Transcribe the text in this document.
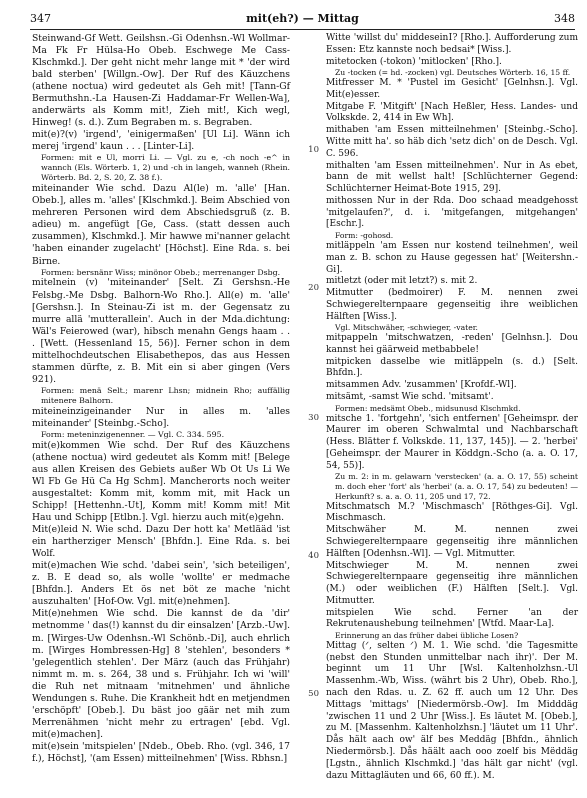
347	mit(eh?) — Mittag	348

Steinwand-Gf Wett. Geilshsn.-Gi Odenhsn.-Wl Wollmar-Ma Fk Fr Hülsa-Ho Obeb. Eschwege Me Cass-Klschmkd.]. Der geht nicht mehr lange mit * 'der wird bald sterben' [Willgn.-Ow]. Der Ruf des Käuzchens (athene noctua) wird gedeutet als Geh mit! [Tann-Gf Bermuthshn.-La Hausen-Zi Haddamar-Fr Wellen-Wa], anderwärts als Komm mit!, Zieh mit!, Kich wegl, Hinweg! (s. d.). Zum Begraben m. s. Begraben.

mit(e)?(v) 'irgend', 'einigermaßen' [Ul Li]. Wänn ich merej 'irgend' kaun . . . [Linter-Li].

Formen: mit e Ul, morri Li. — Vgl. zu e, -ch noch -e^ in wannch (Els. Wörterb. 1, 2) und -ch in langeh, wanneh (Rhein. Wörterb. Bd. 2, S. 20, Z. 38 f.).

miteinander Wie schd. Dazu Al(le) m. 'alle' [Han. Obeb.], alles m. 'alles' [Klschmkd.]. Beim Abschied von mehreren Personen wird dem Abschiedsgruß (z. B. adieu) m. angefügt [Ge, Cass. (statt dessen auch zusammen), Klschmkd.]. Mir hawwe mi'nanner gelacht 'haben einander zugelacht' [Höchst]. Eine Rda. s. bei Birne.

Formen: bersnänr Wiss; minönor Obeb.; merrenanger Dsbg.

mitelnein (v) 'miteinander' [Selt. Zi Gershsn.-He Felsbg.-Me Dsbg. Balhorn-Wo Rho.]. All(e) m. 'alle' [Gershsn.]. In Steinau-Zi ist m. der Gegensatz zu murre allä 'mutterallein'. Auch in der Mda.dichtung: Wäl's Feierowed (war), hibsch menahn Gengs haam . . . [Wett. (Hessenland 15, 56)]. Ferner schon in dem mittelhochdeutschen Elisabethepos, das aus Hessen stammen dürfte, z. B. Mit ein si aber gingen (Vers 921).

Formen: menä Selt.; marenr Lhsn; midnein Rho; auffällig mitenere Balhorn.

miteineinzigeinander Nur in alles m. 'alles miteinander' [Steinbg.-Scho].

Form: meteninzigenenner. — Vgl. C. 334. 595.

mit(e)kommen Wie schd. Der Ruf des Käuzchens (athene noctua) wird gedeutet als Komm mit! [Belege aus allen Kreisen des Gebiets außer Wb Ot Us Li We Wl Fb Ge Hü Ca Hg Schm]. Mancherorts noch weiter ausgestaltet: Komm mit, komm mit, mit Hack un Schipp! [Hettenhn.-Ut], Komm mit! Komm mit! Mit Hau und Schipp [Etlbn.]. Vgl. hierzu auch mit(e)gehn.

Mit(e)leid N. Wie schd. Dazu Der hott ka' Metlääd 'ist ein hartherziger Mensch' [Bhfdn.]. Eine Rda. s. bei Wolf.

mit(e)machen Wie schd. 'dabei sein', 'sich beteiligen', z. B. E dead so, als wolle 'wollte' er medmache [Bhfdn.]. Anders Et ös net böt ze mache 'nicht auszuhalten' [Hof-Ow. Vgl. mit(e)nehmen].

Mit(e)nehmen Wie schd. Die kannst de da 'dir' metnomme ' das(!) kannst du dir einsalzen' [Arzb.-Uw]. m. [Wirges-Uw Odenhsn.-Wl Schönb.-Di], auch ehrlich m. [Wirges Hombressen-Hg] 8 'stehlen', besonders * 'gelegentlich stehlen'. Der März (auch das Frühjahr) nimmt m. m. s. 264, 38 und s. Frühjahr. Ich wi 'will' die Ruh net mitnaam 'mitnehmen' und ähnliche Wendungen s. Ruhe. Die Krankheit hdt en metjendmen 'erschöpft' [Obeb.]. Du bäst joo gäär net mih zum Merrenähmen 'nicht mehr zu ertragen' [ebd. Vgl. mit(e)machen].

mit(e)sein 'mitspielen' [Ndeb., Obeb. Rho. (vgl. 346, 17 f.), Höchst], '(am Essen) mitteilnehmen' [Wiss. Rbhsn.]

10
20
30
40
50

Witte 'willst du' middeseinⅠ? [Rho.]. Aufforderung zum Essen: Etz kannste noch bedsai* [Wiss.].

mitetocken (-tokon) 'mitlocken' [Rho.].

Zu -tocken (= hd. -zocken) vgl. Deutsches Wörterb. 16, 15 ff.

Mitfresser M. * 'Pustel im Gesicht' [Gelnhsn.]. Vgl. Mit(e)esser.

Mitgabe F. 'Mitgift' [Nach Heßler, Hess. Landes- und Volkskde. 2, 414 in Ew Wh].

mithaben 'am Essen mitteilnehmen' [Steinbg.-Scho]. Witte mitt ha'. so häb dich 'setz dich' on de Desch. Vgl. C. 596.

mithalten 'am Essen mitteilnehmen'. Nur in As ebet, bann de mit wellst halt! [Schlüchterner Gegend: Schlüchterner Heimat-Bote 1915, 29].

mithossen Nur in der Rda. Doo schaad meadgehosst 'mitgelaufen?', d. i. 'mitgefangen, mitgehangen' [Eschr.].

Form: -gohosd.

mitläppeln 'am Essen nur kostend teilnehmen', weil man z. B. schon zu Hause gegessen hat' [Weitershn.-Gi].

mitletzt (oder mit letzt?) s. mit 2.

Mitmutter (bedmoirer) F. M. nennen zwei Schwiegerelternpaare gegenseitig ihre weiblichen Hälften [Wiss.].

Vgl. Mitschwäher, -schwieger, -vater.

mitpappeln 'mitschwatzen, -reden' [Gelnhsn.]. Dou kannst hei gäärweid metbabbele!

mitpicken dasselbe wie mitläppeln (s. d.) [Selt. Bhfdn.].

mitsammen Adv. 'zusammen' [Krofdf.-Wl].

mitsämt, -samst Wie schd. 'mitsamt'.

Formen: medsämt Obeb., midsunusd Klschmkd.

mitsche 1. 'fortgehn', 'sich entfernen' [Geheimspr. der Maurer im oberen Schwalmtal und Nachbarschaft (Hess. Blätter f. Volkskde. 11, 137, 145)]. — 2. 'herbei' [Geheimspr. der Maurer in Köddgn.-Scho (a. a. O. 17, 54, 55)].

Zu m. 2: in m. gelawarn 'verstecken' (a. a. O. 17, 55) scheint m. doch eher 'fort' als 'herbei' (a. a. O. 17, 54) zu bedeuten! — Herkunft? s. a. a. O. 11, 205 und 17, 72.

Mitschmatsch M.? 'Mischmasch' [Röthges-Gi]. Vgl. Mischmasch.

Mitschwäher M. M. nennen zwei Schwiegerelternpaare gegenseitig ihre männlichen Hälften [Odenhsn.-Wl]. — Vgl. Mitmutter.

Mitschwieger M. M. nennen zwei Schwiegerelternpaare gegenseitig ihre männlichen (M.) oder weiblichen (F.) Hälften [Selt.]. Vgl. Mitmutter.

mitspielen Wie schd. Ferner 'an der Rekrutenaushebung teilnehmen' [Wtfd. Maar-La].

Erinnerung an das früher dabei übliche Losen?

Mittag (ᐟ, selten ᐟ) M. 1. Wie schd. 'die Tagesmitte (nebst den Stunden unmittelbar nach ihr)'. Der M. beginnt um 11 Uhr [Wsl. Kaltenholzhsn.-Ul Massenhm.-Wb, Wiss. (währt bis 2 Uhr), Obeb. Rho.], nach den Rdas. u. Z. 62 ff. auch um 12 Uhr. Des Mittags 'mittags' [Niedermörsb.-Ow]. Im Midddäg 'zwischen 11 und 2 Uhr [Wiss.]. Es läutet M. [Obeb.], zu M. [Massenhm. Kaltenholzhsn.] 'läutet um 11 Uhr'. Dås hält aach ow' älf bes Meddäg [Bhfdn., ähnlich Niedermörsb.]. Dås häält aach ooo zoelf bis Mëddäg [Lgstn., ähnlich Klschmkd.] 'das hält gar nicht' (vgl. dazu Mittagläuten und 66, 60 ff.). M.
